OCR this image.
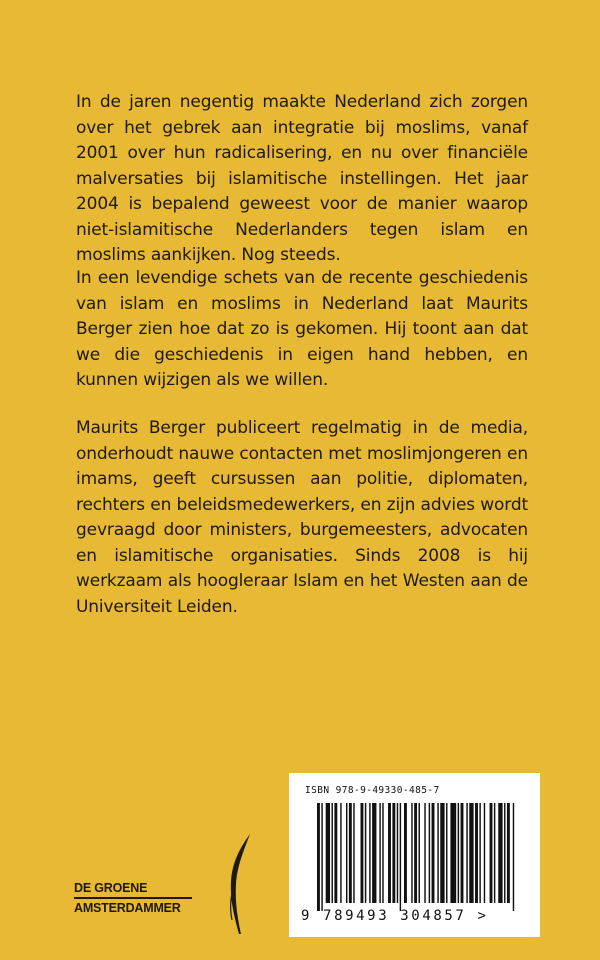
In de jaren negentig maakte Nederland zich zorgen over het gebrek aan integratie bij moslims, vanaf 2001 over hun radicalisering, en nu over financiële malversaties bij islamitische instellingen. Het jaar 2004 is bepalend geweest voor de manier waarop niet-islamitische Nederlanders tegen islam en moslims aankijken. Nog steeds.

In een levendige schets van de recente geschiedenis van islam en moslims in Nederland laat Maurits Berger zien hoe dat zo is gekomen. Hij toont aan dat we die geschiedenis in eigen hand hebben, en kunnen wijzigen als we willen.

Maurits Berger publiceert regelmatig in de media, onderhoudt nauwe contacten met moslimjongeren en imams, geeft cursussen aan politie, diplomaten, rechters en beleidsmedewerkers, en zijn advies wordt gevraagd door ministers, burgemeesters, advocaten en islamitische organisaties. Sinds 2008 is hij werkzaam als hoogleraar Islam en het Westen aan de Universiteit Leiden.

DE GROENE
AMSTERDAMMER
ISBN 978-9-49330-485-7
9 789493 304857 >
